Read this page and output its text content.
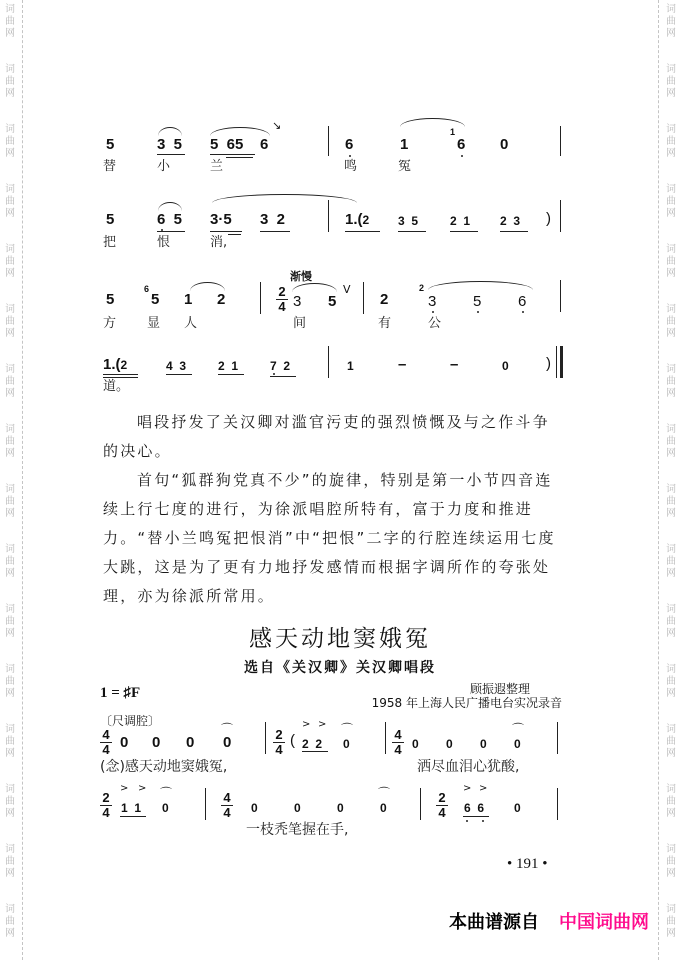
词
曲
网
词
曲
网
词
曲
网
词
曲
网
词
曲
网
词
曲
网
词
曲
网
词
曲
网
词
曲
网
词
曲
网
词
曲
网
词
曲
网
词
曲
网
词
曲
网
词
曲
网
词
曲
网
词
曲
网
词
曲
网
词
曲
网
词
曲
网
词
曲
网
词
曲
网
词
曲
网
词
曲
网
词
曲
网
词
曲
网
词
曲
网
词
曲
网
词
曲
网
词
曲
网
词
曲
网
词
曲
网
5	3  5
↘
5  65 6	6	1
1
6 0
替	小	兰	鸣	冤
5	6  5 3·5 3  2	1.(2 3  5	2  1 2  3 )
把	恨	消,
渐慢
5
6
5 1 2	2
4 3 5
V
2
2
3 5 6
方 显 人	间	有	公
1.(2	4  3	2  1	7  2	1	–	–	0 )
道。
唱段抒发了关汉卿对滥官污吏的强烈愤慨及与之作斗争的决心。
首句“狐群狗党真不少”的旋律，特别是第一小节四音连续上行七度的进行，为徐派唱腔所特有，富于力度和推进力。“替小兰鸣冤把恨消”中“把恨”二字的行腔连续运用七度大跳，这是为了更有力地抒发感情而根据字调所作的夸张处理，亦为徐派所常用。
感天动地窦娥冤
选自《关汉卿》关汉卿唱段
1 = ♯F	顾振遐整理
1958 年上海人民广播电台实况录音
〔尺调腔〕
4
4 0 0 0
⌒
0	2
4
(
> >
2  2
⌒
0
4
4 0 0 0
⌒
0
(念)感天动地窦娥冤,	洒尽血泪心犹酸,
2
4
> >
1  1
⌒
0
4
4 0	0	0
⌒
0
2
4
> >
6  6 0
一枝秃笔握在手,
• 191 •
本曲谱源自 中国词曲网
